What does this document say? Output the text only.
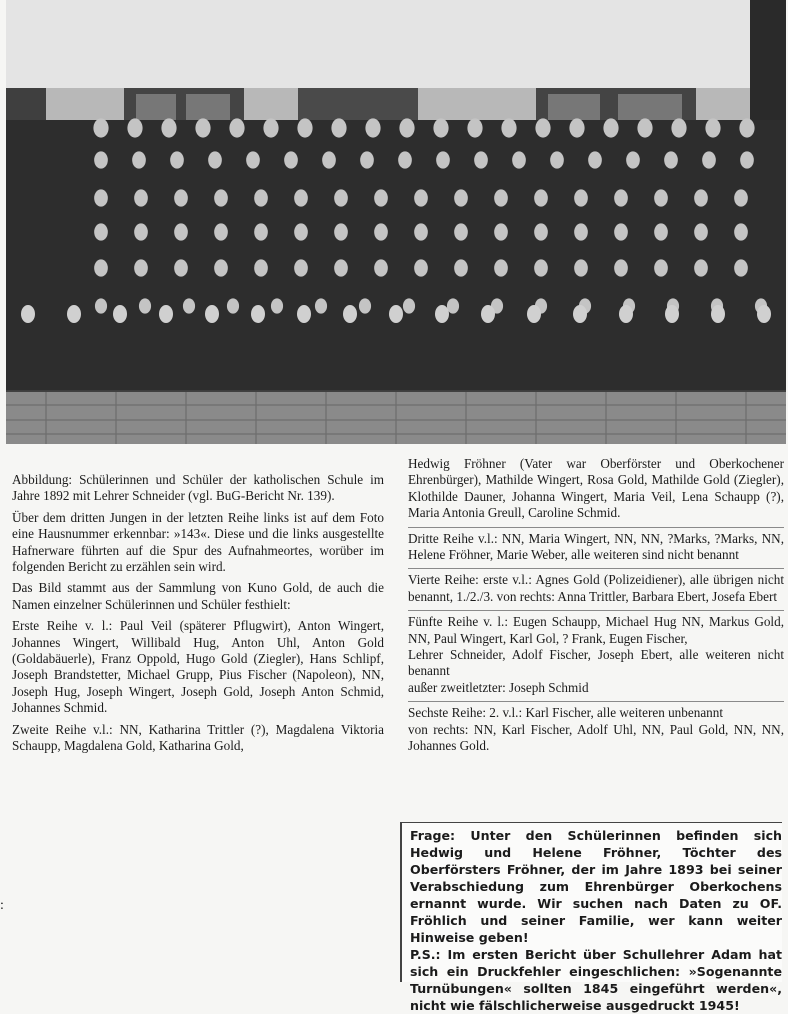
Abbildung: Schülerinnen und Schüler der katholischen Schule im Jahre 1892 mit Lehrer Schneider (vgl. BuG-Bericht Nr. 139).

Über dem dritten Jungen in der letzten Reihe links ist auf dem Foto eine Hausnummer erkennbar: »143«. Diese und die links ausgestellte Hafnerware führten auf die Spur des Aufnahmeortes, worüber im folgenden Bericht zu erzählen sein wird.

Das Bild stammt aus der Sammlung von Kuno Gold, de auch die Namen einzelner Schülerinnen und Schüler festhielt:

Erste Reihe v. l.: Paul Veil (späterer Pflugwirt), Anton Wingert, Johannes Wingert, Willibald Hug, Anton Uhl, Anton Gold (Goldabäuerle), Franz Oppold, Hugo Gold (Ziegler), Hans Schlipf, Joseph Brandstetter, Michael Grupp, Pius Fischer (Napoleon), NN, Joseph Hug, Joseph Wingert, Joseph Gold, Joseph Anton Schmid, Johannes Schmid.

Zweite Reihe v.l.: NN, Katharina Trittler (?), Magdalena Viktoria Schaupp, Magdalena Gold, Katharina Gold,

Hedwig Fröhner (Vater war Oberförster und Oberkochener Ehrenbürger), Mathilde Wingert, Rosa Gold, Mathilde Gold (Ziegler), Klothilde Dauner, Johanna Wingert, Maria Veil, Lena Schaupp (?), Maria Antonia Greull, Caroline Schmid.

Dritte Reihe v.l.: NN, Maria Wingert, NN, NN, ?Marks, ?Marks, NN, Helene Fröhner, Marie Weber, alle weiteren sind nicht benannt

Vierte Reihe: erste v.l.: Agnes Gold (Polizeidiener), alle übrigen nicht benannt, 1./2./3. von rechts: Anna Trittler, Barbara Ebert, Josefa Ebert

Fünfte Reihe v. l.: Eugen Schaupp, Michael Hug NN, Markus Gold, NN, Paul Wingert, Karl Gol, ? Frank, Eugen Fischer,

Lehrer Schneider, Adolf Fischer, Joseph Ebert, alle weiteren nicht benannt

außer zweitletzter: Joseph Schmid

Sechste Reihe: 2. v.l.: Karl Fischer, alle weiteren unbenannt

von rechts: NN, Karl Fischer, Adolf Uhl, NN, Paul Gold, NN, NN, Johannes Gold.

Frage: Unter den Schülerinnen befinden sich Hedwig und Helene Fröhner, Töchter des Oberförsters Fröhner, der im Jahre 1893 bei seiner Verabschiedung zum Ehrenbürger Oberkochens ernannt wurde. Wir suchen nach Daten zu OF. Fröhlich und seiner Familie, wer kann weiter Hinweise geben!

P.S.: Im ersten Bericht über Schullehrer Adam hat sich ein Druckfehler eingeschlichen: »Sogenannte Turnübungen« sollten 1845 eingeführt werden«, nicht wie fälschlicherweise ausgedruckt 1945!

:
